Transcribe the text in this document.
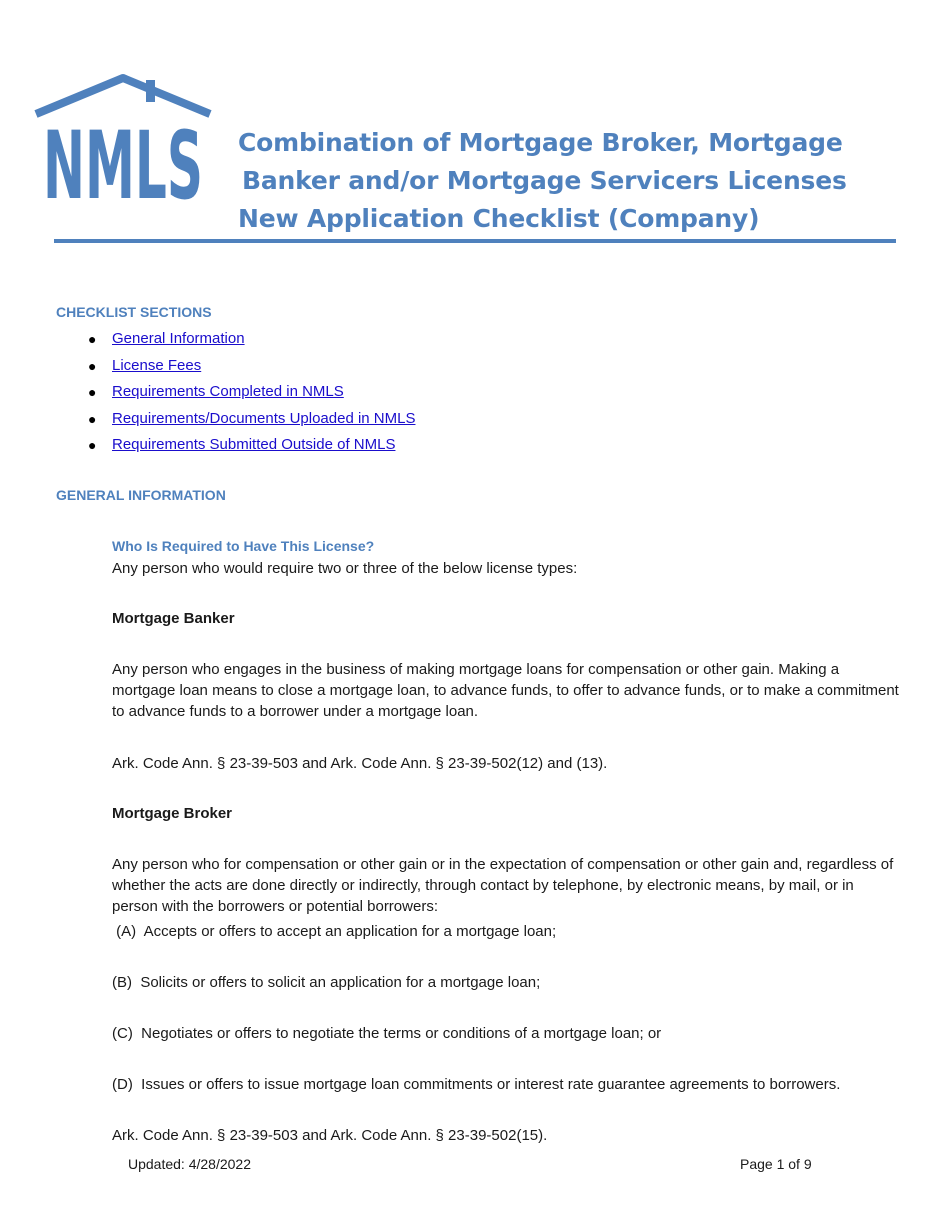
NMLS Combination of Mortgage Broker, Mortgage
Banker and/or Mortgage Servicers Licenses
New Application Checklist (Company)
CHECKLIST SECTIONS
● General Information
● License Fees
● Requirements Completed in NMLS
● Requirements/Documents Uploaded in NMLS
● Requirements Submitted Outside of NMLS
GENERAL INFORMATION
Who Is Required to Have This License?

Any person who would require two or three of the below license types:

Mortgage Banker

Any person who engages in the business of making mortgage loans for compensation or other gain. Making a mortgage loan means to close a mortgage loan, to advance funds, to offer to advance funds, or to make a commitment to advance funds to a borrower under a mortgage loan.

Ark. Code Ann. § 23-39-503 and Ark. Code Ann. § 23-39-502(12) and (13).

Mortgage Broker

Any person who for compensation or other gain or in the expectation of compensation or other gain and, regardless of whether the acts are done directly or indirectly, through contact by telephone, by electronic means, by mail, or in person with the borrowers or potential borrowers:

(A)  Accepts or offers to accept an application for a mortgage loan;

(B)  Solicits or offers to solicit an application for a mortgage loan;

(C)  Negotiates or offers to negotiate the terms or conditions of a mortgage loan; or

(D)  Issues or offers to issue mortgage loan commitments or interest rate guarantee agreements to borrowers.

Ark. Code Ann. § 23-39-503 and Ark. Code Ann. § 23-39-502(15).

Updated: 4/28/2022	Page 1 of 9
